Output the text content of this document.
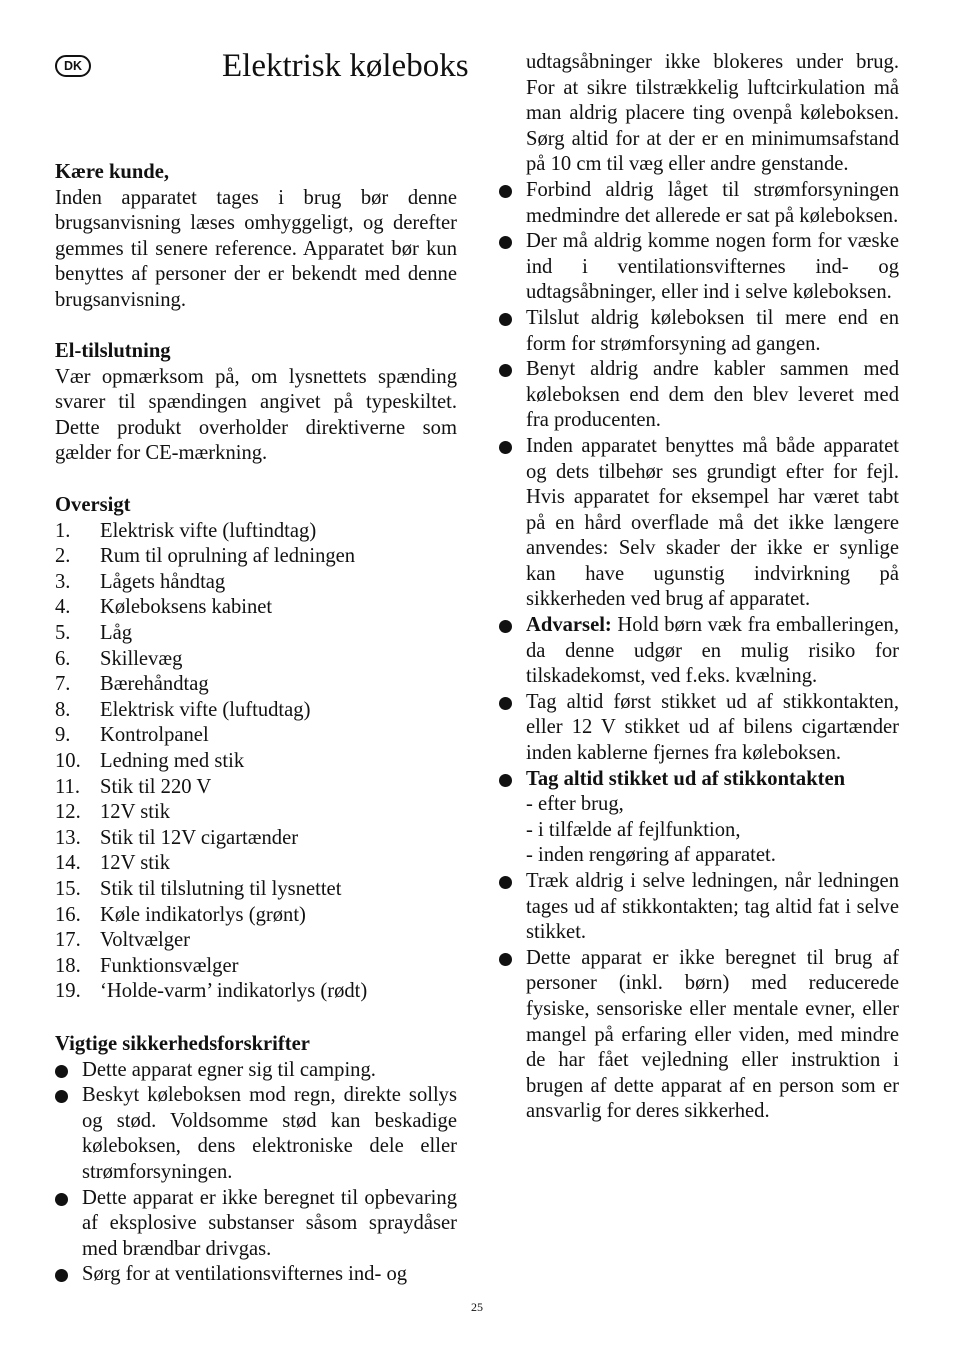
DK	Elektrisk køleboks
Kære kunde,

Inden apparatet tages i brug bør denne brugsanvisning læses omhyggeligt, og derefter gemmes til senere reference. Apparatet bør kun benyttes af personer der er bekendt med denne brugsanvisning.

El-tilslutning

Vær opmærksom på, om lysnettets spænding svarer til spændingen angivet på typeskiltet. Dette produkt overholder direktiverne som gælder for CE-mærkning.

Oversigt
1.	Elektrisk vifte (luftindtag)
2.	Rum til oprulning af ledningen
3.	Lågets håndtag
4.	Køleboksens kabinet
5.	Låg
6.	Skillevæg
7.	Bærehåndtag
8.	Elektrisk vifte (luftudtag)
9.	Kontrolpanel
10. Ledning med stik
11. Stik til 220 V
12. 12V stik
13. Stik til 12V cigartænder
14. 12V stik
15. Stik til tilslutning til lysnettet
16. Køle indikatorlys (grønt)
17. Voltvælger
18. Funktionsvælger
19. ‘Holde-varm’ indikatorlys (rødt)
Vigtige sikkerhedsforskrifter
Dette apparat egner sig til camping.
Beskyt køleboksen mod regn, direkte sollys og stød. Voldsomme stød kan beskadige køleboksen, dens elektroniske dele eller strømforsyningen.
Dette apparat er ikke beregnet til opbevaring af eksplosive substanser såsom spraydåser med brændbar drivgas.
Sørg for at ventilationsvifternes ind- og
udtagsåbninger ikke blokeres under brug. For at sikre tilstrækkelig luftcirkulation må man aldrig placere ting ovenpå køleboksen. Sørg altid for at der er en minimumsafstand på 10 cm til væg eller andre genstande.
Forbind aldrig låget til strømforsyningen medmindre det allerede er sat på køleboksen.
Der må aldrig komme nogen form for væske ind i ventilationsvifternes ind- og udtagsåbninger, eller ind i selve køleboksen.
Tilslut aldrig køleboksen til mere end en form for strømforsyning ad gangen.
Benyt aldrig andre kabler sammen med køleboksen end dem den blev leveret med fra producenten.
Inden apparatet benyttes må både apparatet og dets tilbehør ses grundigt efter for fejl. Hvis apparatet for eksempel har været tabt på en hård overflade må det ikke længere anvendes: Selv skader der ikke er synlige kan have ugunstig indvirkning på sikkerheden ved brug af apparatet.
Advarsel: Hold børn væk fra emballeringen, da denne udgør en mulig risiko for tilskadekomst, ved f.eks. kvælning.
Tag altid først stikket ud af stikkontakten, eller 12 V stikket ud af bilens cigartænder inden kablerne fjernes fra køleboksen.
Tag altid stikket ud af stikkontakten
- efter brug,
- i tilfælde af fejlfunktion,
- inden rengøring af apparatet.
Træk aldrig i selve ledningen, når ledningen tages ud af stikkontakten; tag altid fat i selve stikket.
Dette apparat er ikke beregnet til brug af personer (inkl. børn) med reducerede fysiske, sensoriske eller mentale evner, eller mangel på erfaring eller viden, med mindre de har fået vejledning eller instruktion i brugen af dette apparat af en person som er ansvarlig for deres sikkerhed.
25
